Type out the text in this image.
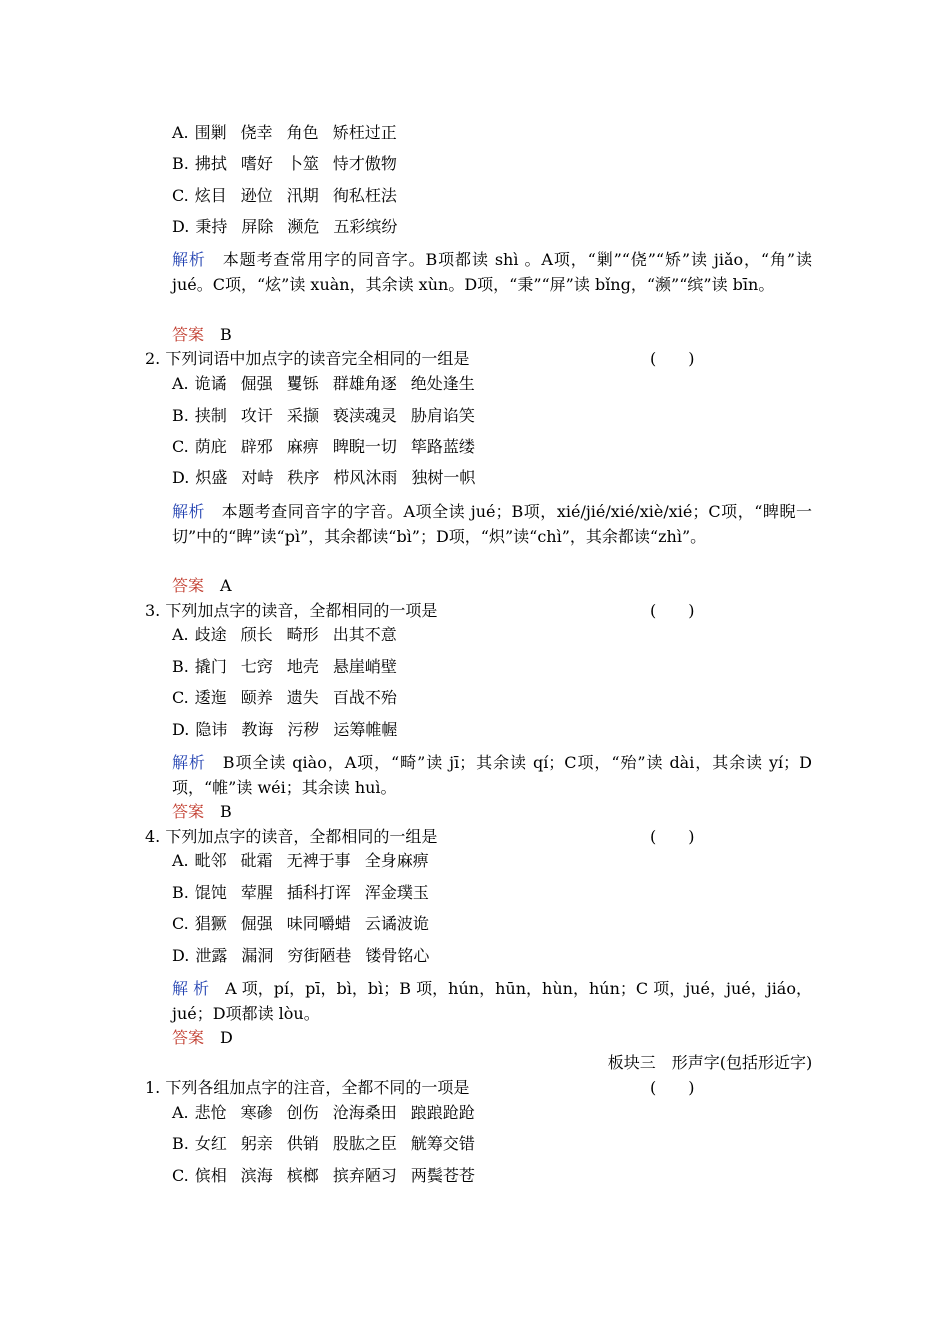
A. 围剿 侥幸 角色 矫枉过正
B. 拂拭 嗜好 卜筮 恃才傲物
C. 炫目 逊位 汛期 徇私枉法
D. 秉持 屏除 濒危 五彩缤纷
解析　本题考查常用字的同音字。B项都读 shì 。A项，“剿”“侥”“矫”读 jiǎo，“角”读 jué。C项，“炫”读 xuàn，其余读 xùn。D项，“秉”“屏”读 bǐng，“濒”“缤”读 bīn。
答案　B
2. 下列词语中加点字的读音完全相同的一组是	(　　)
A. 诡谲 倔强 矍铄 群雄角逐 绝处逢生
B. 挟制 攻讦 采撷 亵渎魂灵 胁肩谄笑
C. 荫庇 辟邪 麻痹 睥睨一切 筚路蓝缕
D. 炽盛 对峙 秩序 栉风沐雨 独树一帜
解析　本题考查同音字的字音。A项全读 jué；B项，xié/jié/xié/xiè/xié；C项，“睥睨一切”中的“睥”读“pì”，其余都读“bì”；D项，“炽”读“chì”，其余都读“zhì”。
答案　A
3. 下列加点字的读音，全都相同的一项是	(　　)
A. 歧途 颀长 畸形 出其不意
B. 撬门 七窍 地壳 悬崖峭壁
C. 逶迤 颐养 遗失 百战不殆
D. 隐讳 教诲 污秽 运筹帷幄
解析　B项全读 qiào，A项，“畸”读 jī；其余读 qí；C项，“殆”读 dài，其余读 yí；D项，“帷”读 wéi；其余读 huì。
答案　B
4. 下列加点字的读音，全都相同的一组是	(　　)
A. 毗邻 砒霜 无裨于事 全身麻痹
B. 馄饨 荤腥 插科打诨 浑金璞玉
C. 猖獗 倔强 味同嚼蜡 云谲波诡
D. 泄露 漏洞 穷街陋巷 镂骨铭心
解 析　A 项，pí，pī，bì，bì；B 项，hún，hūn，hùn，hún；C 项，jué，jué，jiáo，jué；D项都读 lòu。
答案　D
板块三　形声字(包括形近字)
1. 下列各组加点字的注音，全都不同的一项是	(　　)
A. 悲怆 寒碜 创伤 沧海桑田 踉踉跄跄
B. 女红 躬亲 供销 股肱之臣 觥筹交错
C. 傧相 滨海 槟榔 摈弃陋习 两鬓苍苍
